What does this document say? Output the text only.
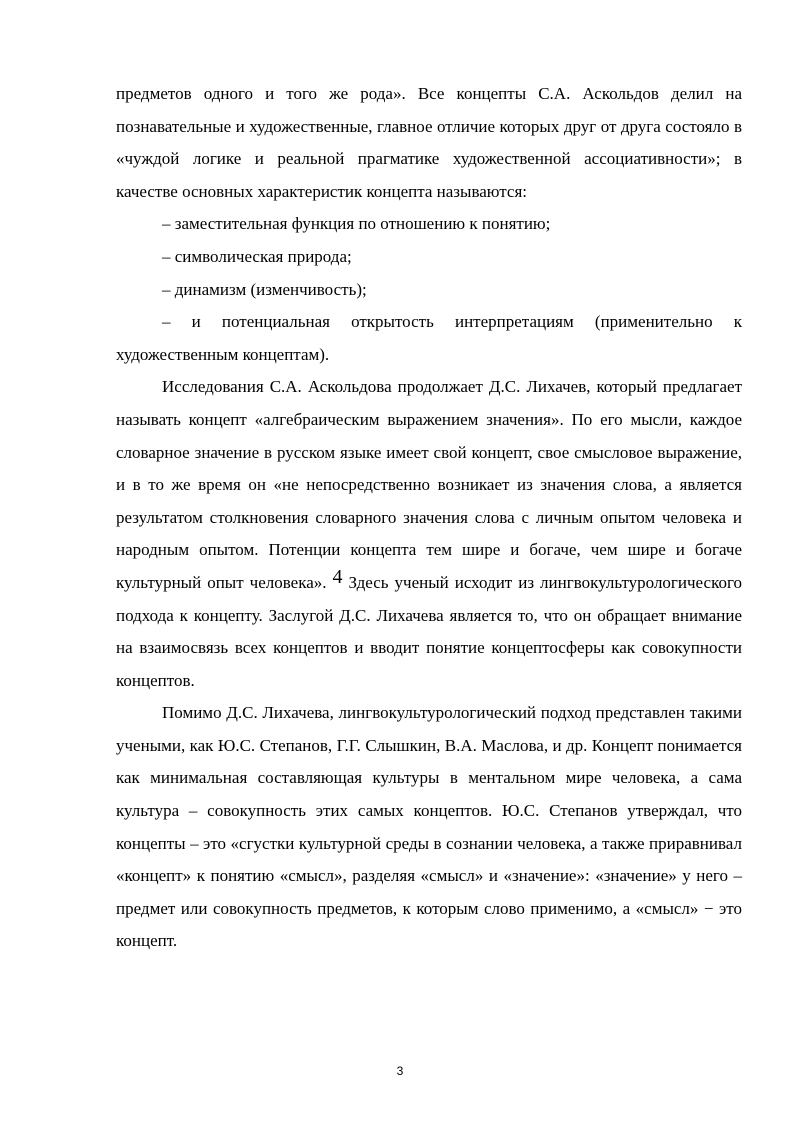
предметов одного и того же рода». Все концепты С.А. Аскольдов делил на познавательные и художественные, главное отличие которых друг от друга состояло в «чуждой логике и реальной прагматике художественной ассоциативности»; в качестве основных характеристик концепта называются:

– заместительная функция по отношению к понятию;

– символическая природа;

– динамизм (изменчивость);

– и потенциальная открытость интерпретациям (применительно к художественным концептам).

Исследования С.А. Аскольдова продолжает Д.С. Лихачев, который предлагает называть концепт «алгебраическим выражением значения». По его мысли, каждое словарное значение в русском языке имеет свой концепт, свое смысловое выражение, и в то же время он «не непосредственно возникает из значения слова, а является результатом столкновения словарного значения слова с личным опытом человека и народным опытом. Потенции концепта тем шире и богаче, чем шире и богаче культурный опыт человека». 4 Здесь ученый исходит из лингвокультурологического подхода к концепту. Заслугой Д.С. Лихачева является то, что он обращает внимание на взаимосвязь всех концептов и вводит понятие концептосферы как совокупности концептов.

Помимо Д.С. Лихачева, лингвокультурологический подход представлен такими учеными, как Ю.С. Степанов, Г.Г. Слышкин, В.А. Маслова, и др. Концепт понимается как минимальная составляющая культуры в ментальном мире человека, а сама культура – совокупность этих самых концептов. Ю.С. Степанов утверждал, что концепты – это «сгустки культурной среды в сознании человека, а также приравнивал «концепт» к понятию «смысл», разделяя «смысл» и «значение»: «значение» у него – предмет или совокупность предметов, к которым слово применимо, а «смысл» − это концепт.

3
